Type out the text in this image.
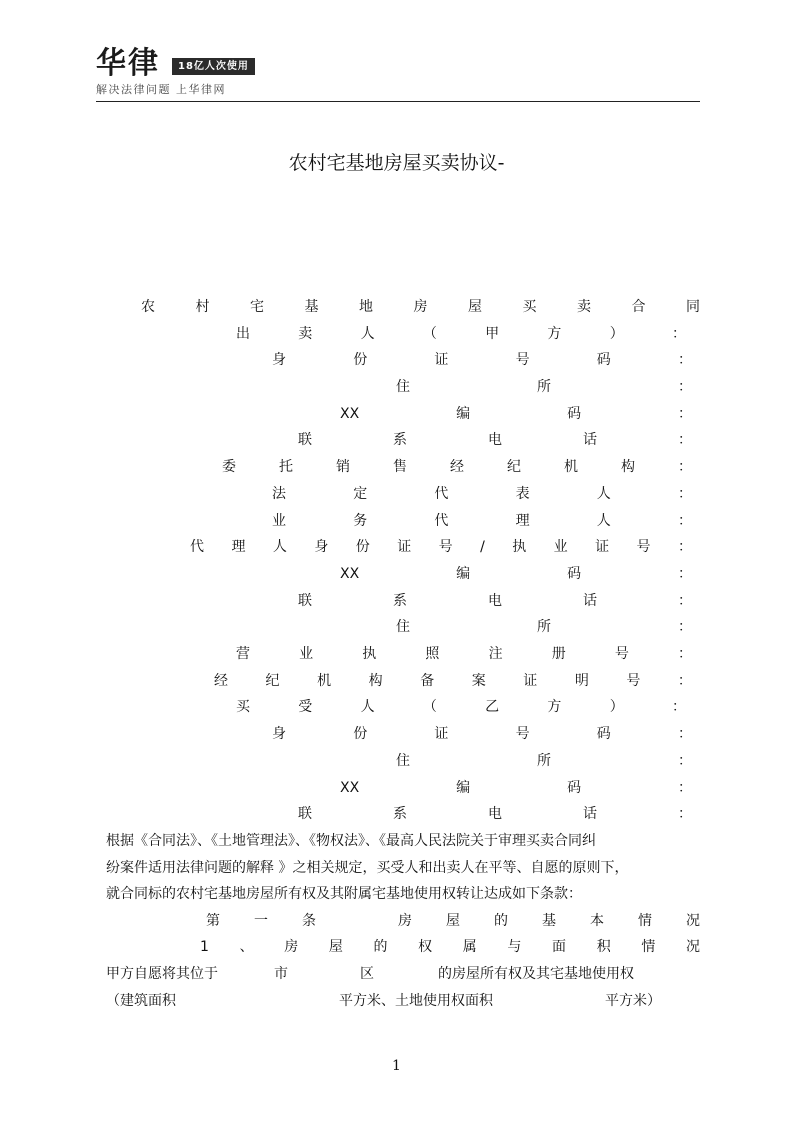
华律	18亿人次使用
解决法律问题 上华律网
农村宅基地房屋买卖协议-
农	村	宅	基	地	房	屋	买	卖	合	同
出	卖	人	（	甲	方	）	：
身	份	证	号	码	：
住	所	：
XX	编	码	：
联	系	电	话	：
委	托	销	售	经	纪	机	构	：
法	定	代	表	人	：
业	务	代	理	人	：
代 理 人 身 份 证 号 / 执 业 证 号 ：
XX	编	码	：
联	系	电	话	：
住	所	：
营	业	执	照	注	册	号	：
经	纪	机	构	备	案	证	明	号	：
买	受	人	（	乙	方	）	：
身	份	证	号	码	：
住	所	：
XX	编	码	：
联	系	电	话	：
第 一 条	房 屋 的 基 本 情 况
1 、 房 屋 的 权 属 与 面 积 情 况
根据《合同法》、《土地管理法》、《物权法》、《最高人民法院关于审理买卖合同纠
纷案件适用法律问题的解释 》之相关规定，买受人和出卖人在平等、自愿的原则下，
就合同标的农村宅基地房屋所有权及其附属宅基地使用权转让达成如下条款：
甲方自愿将其位于	市	区	的房屋所有权及其宅基地使用权
（建筑面积	平方米、土地使用权面积	平方米）
1
